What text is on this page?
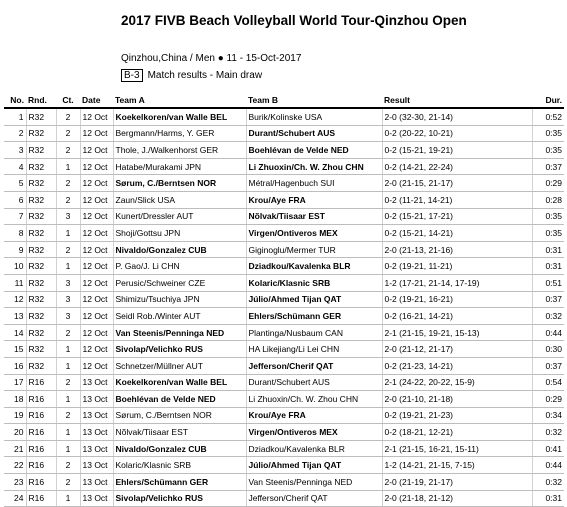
2017 FIVB Beach Volleyball World Tour-Qinzhou Open
Qinzhou,China / Men ● 11 - 15-Oct-2017
B-3 Match results - Main draw
No.	Rnd.	Ct.	Date	Team A	Team B	Result	Dur.
1	R32	2	12 Oct	Koekelkoren/van Walle BEL	Burik/Kolinske USA	2-0 (32-30, 21-14)	0:52
2	R32	2	12 Oct	Bergmann/Harms, Y. GER	Durant/Schubert AUS	0-2 (20-22, 10-21)	0:35
3	R32	2	12 Oct	Thole, J./Walkenhorst GER	Boehlévan de Velde NED	0-2 (15-21, 19-21)	0:35
4	R32	1	12 Oct	Hatabe/Murakami JPN	Li Zhuoxin/Ch. W. Zhou CHN	0-2 (14-21, 22-24)	0:37
5	R32	2	12 Oct	Sørum, C./Berntsen NOR	Métral/Hagenbuch SUI	2-0 (21-15, 21-17)	0:29
6	R32	2	12 Oct	Zaun/Slick USA	Krou/Aye FRA	0-2 (11-21, 14-21)	0:28
7	R32	3	12 Oct	Kunert/Dressler AUT	Nõlvak/Tiisaar EST	0-2 (15-21, 17-21)	0:35
8	R32	1	12 Oct	Shoji/Gottsu JPN	Virgen/Ontiveros MEX	0-2 (15-21, 14-21)	0:35
9	R32	2	12 Oct	Nivaldo/Gonzalez CUB	Giginoglu/Mermer TUR	2-0 (21-13, 21-16)	0:31
10	R32	1	12 Oct	P. Gao/J. Li CHN	Dziadkou/Kavalenka BLR	0-2 (19-21, 11-21)	0:31
11	R32	3	12 Oct	Perusic/Schweiner CZE	Kolaric/Klasnic SRB	1-2 (17-21, 21-14, 17-19)	0:51
12	R32	3	12 Oct	Shimizu/Tsuchiya JPN	Júlio/Ahmed Tijan QAT	0-2 (19-21, 16-21)	0:37
13	R32	3	12 Oct	Seidl Rob./Winter AUT	Ehlers/Schümann GER	0-2 (16-21, 14-21)	0:32
14	R32	2	12 Oct	Van Steenis/Penninga NED	Plantinga/Nusbaum CAN	2-1 (21-15, 19-21, 15-13)	0:44
15	R32	1	12 Oct	Sivolap/Velichko RUS	HA Likejiang/Li Lei CHN	2-0 (21-12, 21-17)	0:30
16	R32	1	12 Oct	Schnetzer/Müllner AUT	Jefferson/Cherif QAT	0-2 (21-23, 14-21)	0:37
17	R16	2	13 Oct	Koekelkoren/van Walle BEL	Durant/Schubert AUS	2-1 (24-22, 20-22, 15-9)	0:54
18	R16	1	13 Oct	Boehlévan de Velde NED	Li Zhuoxin/Ch. W. Zhou CHN	2-0 (21-10, 21-18)	0:29
19	R16	2	13 Oct	Sørum, C./Berntsen NOR	Krou/Aye FRA	0-2 (19-21, 21-23)	0:34
20	R16	1	13 Oct	Nõlvak/Tiisaar EST	Virgen/Ontiveros MEX	0-2 (18-21, 12-21)	0:32
21	R16	1	13 Oct	Nivaldo/Gonzalez CUB	Dziadkou/Kavalenka BLR	2-1 (21-15, 16-21, 15-11)	0:41
22	R16	2	13 Oct	Kolaric/Klasnic SRB	Júlio/Ahmed Tijan QAT	1-2 (14-21, 21-15, 7-15)	0:44
23	R16	2	13 Oct	Ehlers/Schümann GER	Van Steenis/Penninga NED	2-0 (21-19, 21-17)	0:32
24	R16	1	13 Oct	Sivolap/Velichko RUS	Jefferson/Cherif QAT	2-0 (21-18, 21-12)	0:31
